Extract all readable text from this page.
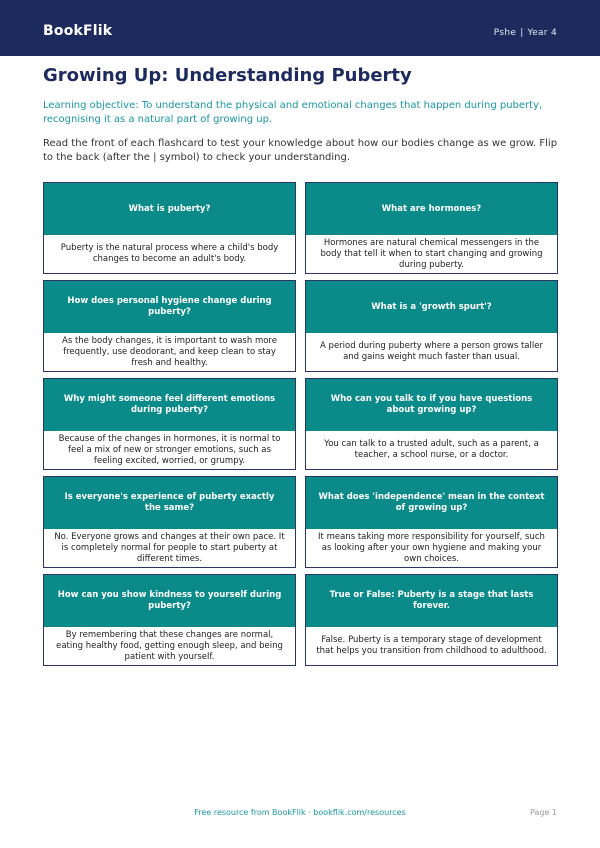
BookFlik	Pshe | Year 4
Growing Up: Understanding Puberty

Learning objective: To understand the physical and emotional changes that happen during puberty, recognising it as a natural part of growing up.

Read the front of each flashcard to test your knowledge about how our bodies change as we grow. Flip to the back (after the | symbol) to check your understanding.

What is puberty?
Puberty is the natural process where a child's body changes to become an adult's body.
What are hormones?
Hormones are natural chemical messengers in the body that tell it when to start changing and growing during puberty.
How does personal hygiene change during puberty?
As the body changes, it is important to wash more frequently, use deodorant, and keep clean to stay fresh and healthy.
What is a 'growth spurt'?
A period during puberty where a person grows taller and gains weight much faster than usual.
Why might someone feel different emotions during puberty?
Because of the changes in hormones, it is normal to feel a mix of new or stronger emotions, such as feeling excited, worried, or grumpy.
Who can you talk to if you have questions about growing up?
You can talk to a trusted adult, such as a parent, a teacher, a school nurse, or a doctor.
Is everyone's experience of puberty exactly the same?
No. Everyone grows and changes at their own pace. It is completely normal for people to start puberty at different times.
What does 'independence' mean in the context of growing up?
It means taking more responsibility for yourself, such as looking after your own hygiene and making your own choices.
How can you show kindness to yourself during puberty?
By remembering that these changes are normal, eating healthy food, getting enough sleep, and being patient with yourself.
True or False: Puberty is a stage that lasts forever.
False. Puberty is a temporary stage of development that helps you transition from childhood to adulthood.
Free resource from BookFlik · bookflik.com/resources	Page 1
